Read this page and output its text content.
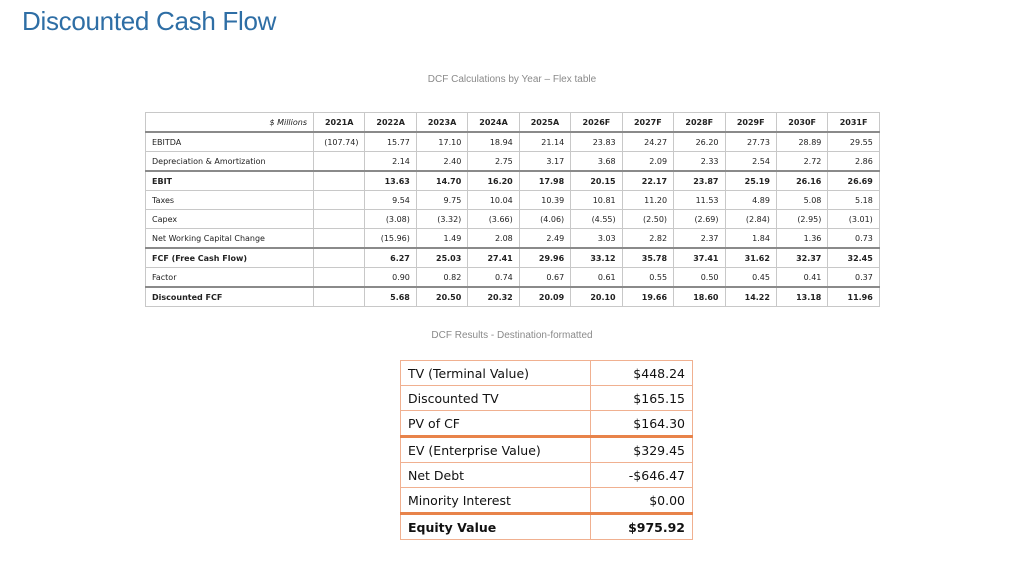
Discounted Cash Flow
DCF Calculations by Year – Flex table
$ Millions	2021A	2022A	2023A	2024A	2025A	2026F	2027F	2028F	2029F	2030F	2031F
EBITDA	(107.74)	15.77	17.10	18.94	21.14	23.83	24.27	26.20	27.73	28.89	29.55
Depreciation & Amortization		2.14	2.40	2.75	3.17	3.68	2.09	2.33	2.54	2.72	2.86
EBIT		13.63	14.70	16.20	17.98	20.15	22.17	23.87	25.19	26.16	26.69
Taxes		9.54	9.75	10.04	10.39	10.81	11.20	11.53	4.89	5.08	5.18
Capex		(3.08)	(3.32)	(3.66)	(4.06)	(4.55)	(2.50)	(2.69)	(2.84)	(2.95)	(3.01)
Net Working Capital Change		(15.96)	1.49	2.08	2.49	3.03	2.82	2.37	1.84	1.36	0.73
FCF (Free Cash Flow)		6.27	25.03	27.41	29.96	33.12	35.78	37.41	31.62	32.37	32.45
Factor		0.90	0.82	0.74	0.67	0.61	0.55	0.50	0.45	0.41	0.37
Discounted FCF		5.68	20.50	20.32	20.09	20.10	19.66	18.60	14.22	13.18	11.96
DCF Results - Destination-formatted
TV (Terminal Value)	$448.24
Discounted TV	$165.15
PV of CF	$164.30
EV (Enterprise Value)	$329.45
Net Debt	-$646.47
Minority Interest	$0.00
Equity Value	$975.92
